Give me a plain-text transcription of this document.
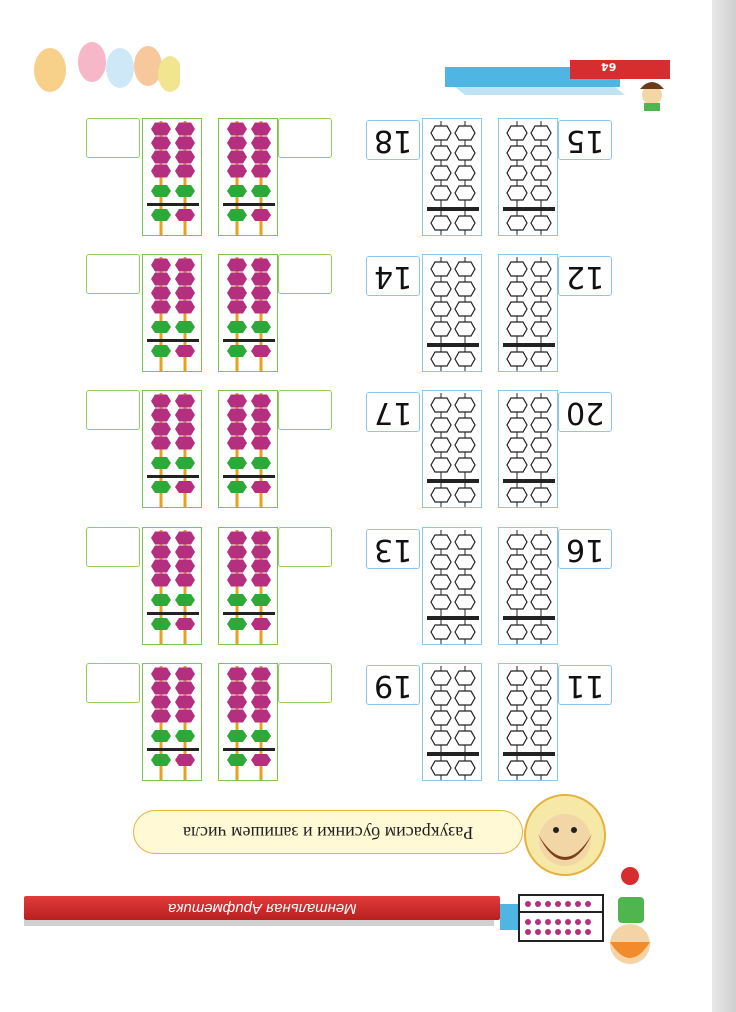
64
Ментальная Арифметика
Разукрасим бусинки и запишем числа
18	15
14	12
17	20
13	16
19	11
